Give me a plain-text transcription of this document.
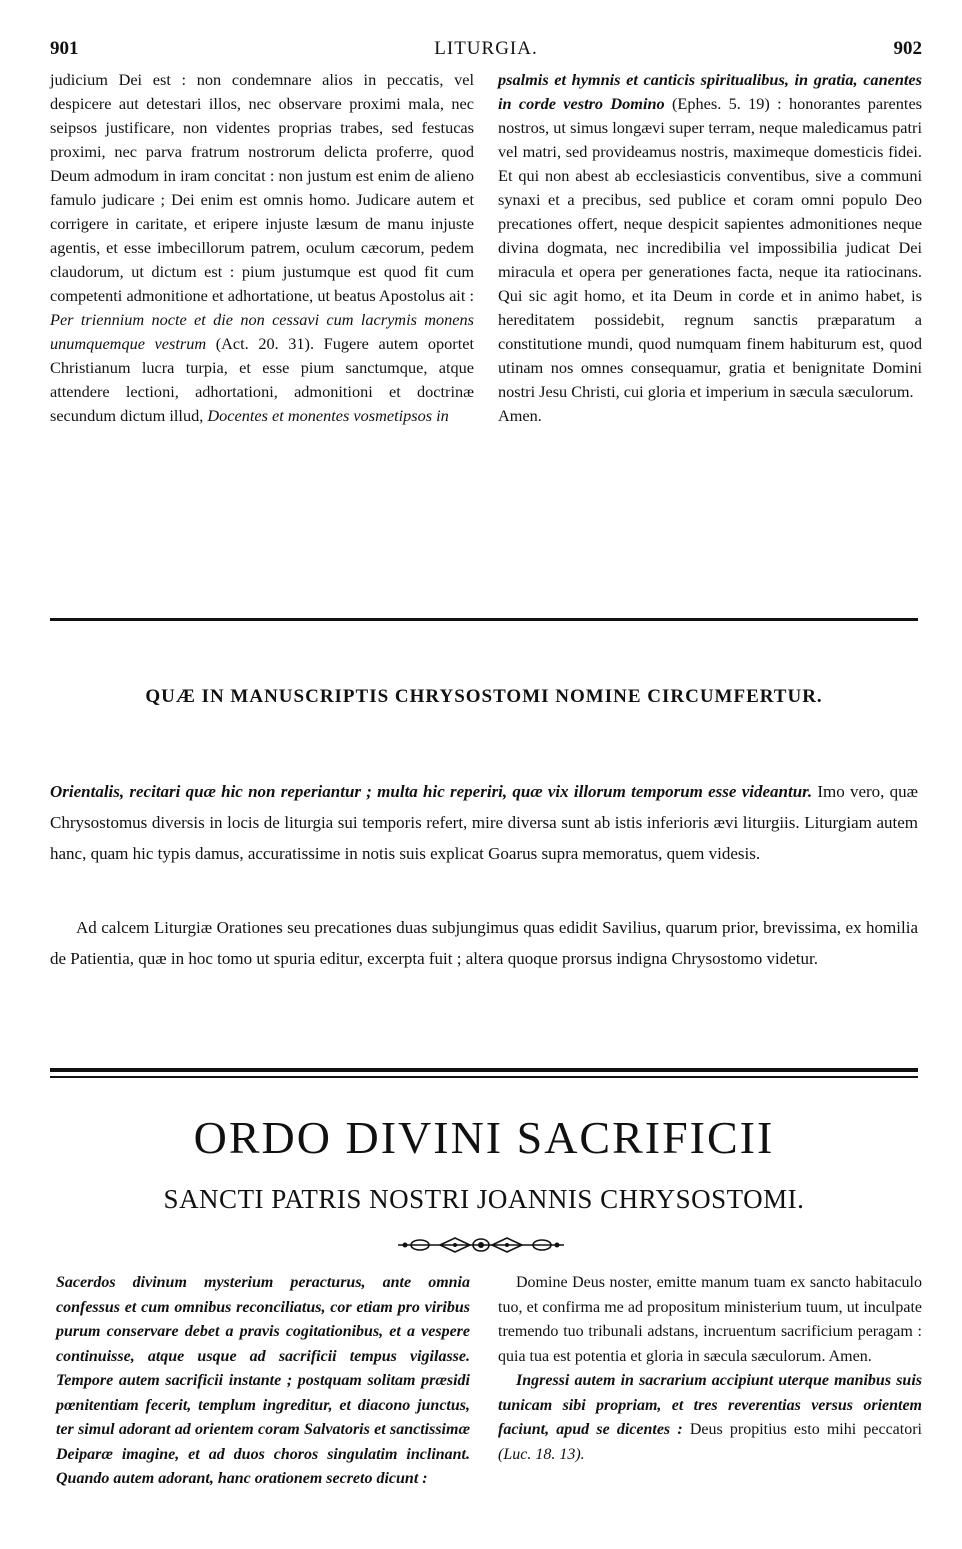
901	LITURGIA.	902

judicium Dei est : non condemnare alios in peccatis, vel despicere aut detestari illos, nec observare proximi mala, nec seipsos justificare, non videntes proprias trabes, sed festucas proximi, nec parva fratrum nostrorum delicta proferre, quod Deum admodum in iram concitat : non justum est enim de alieno famulo judicare ; Dei enim est omnis homo. Judicare autem et corrigere in caritate, et eripere injuste læsum de manu injuste agentis, et esse imbecillorum patrem, oculum cæcorum, pedem claudorum, ut dictum est : pium justumque est quod fit cum competenti admonitione et adhortatione, ut beatus Apostolus ait : Per triennium nocte et die non cessavi cum lacrymis monens unumquemque vestrum (Act. 20. 31). Fugere autem oportet Christianum lucra turpia, et esse pium sanctumque, atque attendere lectioni, adhortationi, admonitioni et doctrinæ secundum dictum illud, Docentes et monentes vosmetipsos in

psalmis et hymnis et canticis spiritualibus, in gratia, canentes in corde vestro Domino (Ephes. 5. 19) : honorantes parentes nostros, ut simus longævi super terram, neque maledicamus patri vel matri, sed provideamus nostris, maximeque domesticis fidei. Et qui non abest ab ecclesiasticis conventibus, sive a communi synaxi et a precibus, sed publice et coram omni populo Deo precationes offert, neque despicit sapientes admonitiones neque divina dogmata, nec incredibilia vel impossibilia judicat Dei miracula et opera per generationes facta, neque ita ratiocinans. Qui sic agit homo, et ita Deum in corde et in animo habet, is hereditatem possidebit, regnum sanctis præparatum a constitutione mundi, quod numquam finem habiturum est, quod utinam nos omnes consequamur, gratia et benignitate Domini nostri Jesu Christi, cui gloria et imperium in sæcula sæculorum.

Amen.

QUÆ IN MANUSCRIPTIS CHRYSOSTOMI NOMINE CIRCUMFERTUR.

Orientalis, recitari quæ hic non reperiantur ; multa hic reperiri, quæ vix illorum temporum esse videantur. Imo vero, quæ Chrysostomus diversis in locis de liturgia sui temporis refert, mire diversa sunt ab istis inferioris ævi liturgiis. Liturgiam autem hanc, quam hic typis damus, accuratissime in notis suis explicat Goarus supra memoratus, quem videsis.

Ad calcem Liturgiæ Orationes seu precationes duas subjungimus quas edidit Savilius, quarum prior, brevissima, ex homilia de Patientia, quæ in hoc tomo ut spuria editur, excerpta fuit ; altera quoque prorsus indigna Chrysostomo videtur.

ORDO DIVINI SACRIFICII
SANCTI PATRIS NOSTRI JOANNIS CHRYSOSTOMI.

Sacerdos divinum mysterium peracturus, ante omnia confessus et cum omnibus reconciliatus, cor etiam pro viribus purum conservare debet a pravis cogitationibus, et a vespere continuisse, atque usque ad sacrificii tempus vigilasse. Tempore autem sacrificii instante ; postquam solitam præsidi pœnitentiam fecerit, templum ingreditur, et diacono junctus, ter simul adorant ad orientem coram Salvatoris et sanctissimæ Deiparæ imagine, et ad duos choros singulatim inclinant. Quando autem adorant, hanc orationem secreto dicunt :

Domine Deus noster, emitte manum tuam ex sancto habitaculo tuo, et confirma me ad propositum ministerium tuum, ut inculpate tremendo tuo tribunali adstans, incruentum sacrificium peragam : quia tua est potentia et gloria in sæcula sæculorum. Amen.

Ingressi autem in sacrarium accipiunt uterque manibus suis tunicam sibi propriam, et tres reverentias versus orientem faciunt, apud se dicentes : Deus propitius esto mihi peccatori (Luc. 18. 13).
